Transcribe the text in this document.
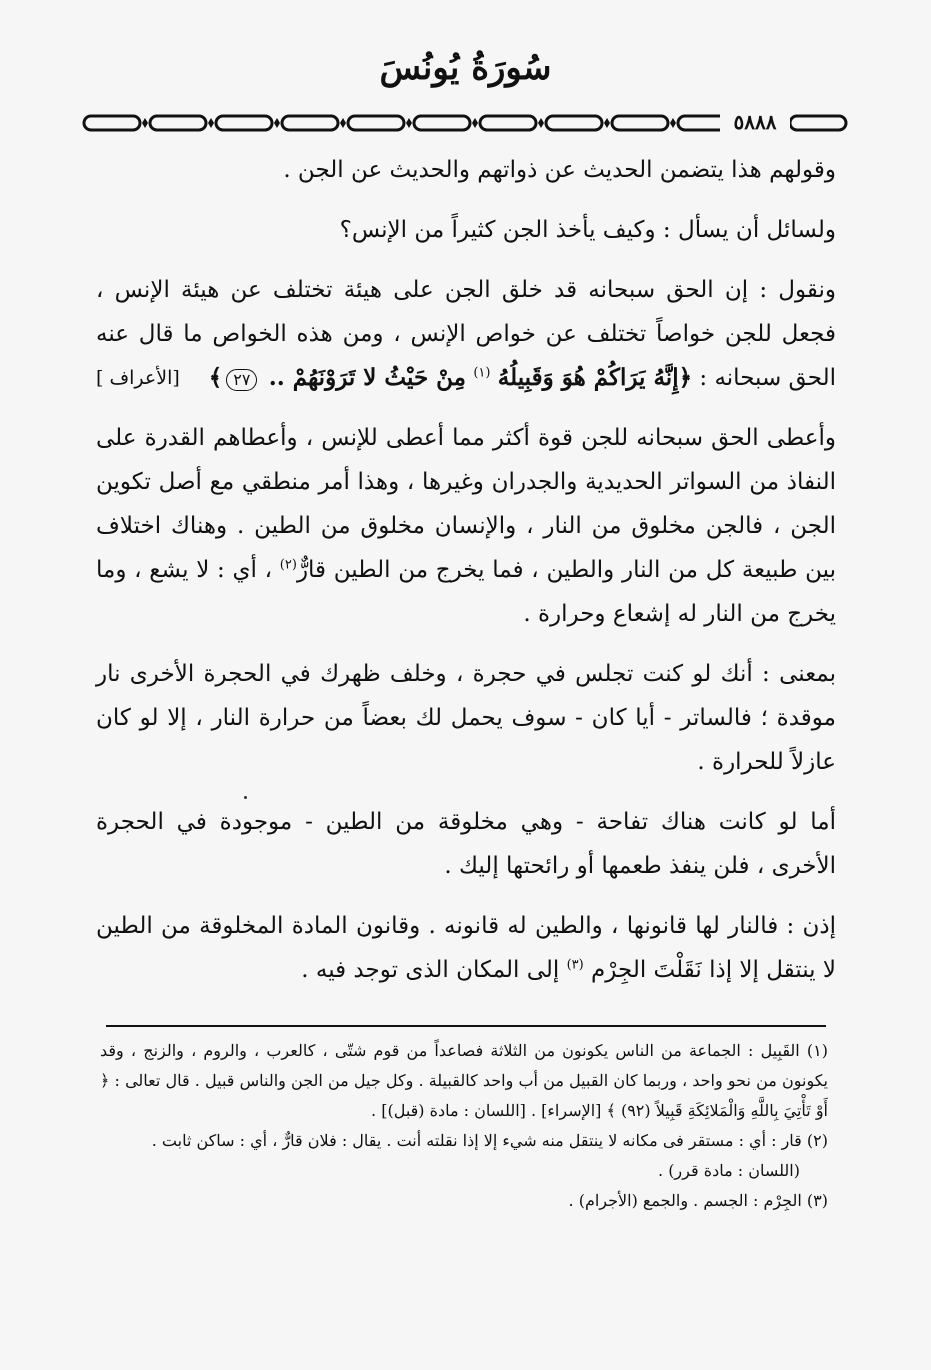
سُورَةُ يُونُسَ
٥٨٨٨

وقولهم هذا يتضمن الحديث عن ذواتهم والحديث عن الجن .

ولسائل أن يسأل : وكيف يأخذ الجن كثيراً من الإنس؟

ونقول : إن الحق سبحانه قد خلق الجن على هيئة تختلف عن هيئة الإنس ، فجعل للجن خواصاً تختلف عن خواص الإنس ، ومن هذه الخواص ما قال عنه الحق سبحانه : ﴿إِنَّهُ يَرَاكُمْ هُوَ وَقَبِيلُهُ $^{(١)}$ مِنْ حَيْثُ لا تَرَوْنَهُمْ .. ٢٧﴾
[الأعراف ]

وأعطى الحق سبحانه للجن قوة أكثر مما أعطى للإنس ، وأعطاهم القدرة على النفاذ من السواتر الحديدية والجدران وغيرها ، وهذا أمر منطقي مع أصل تكوين الجن ، فالجن مخلوق من النار ، والإنسان مخلوق من الطين . وهناك اختلاف بين طبيعة كل من النار والطين ، فما يخرج من الطين قارٌّ$^{(٢)}$ ، أي : لا يشع ، وما يخرج من النار له إشعاع وحرارة .

بمعنى : أنك لو كنت تجلس في حجرة ، وخلف ظهرك في الحجرة الأخرى نار موقدة ؛ فالساتر - أيا كان - سوف يحمل لك بعضاً من حرارة النار ، إلا لو كان عازلاً للحرارة .

أما لو كانت هناك تفاحة - وهي مخلوقة من الطين - موجودة في الحجرة الأخرى ، فلن ينفذ طعمها أو رائحتها إليك .

إذن : فالنار لها قانونها ، والطين له قانونه . وقانون المادة المخلوقة من الطين لا ينتقل إلا إذا نَقَلْتَ الجِرْم $^{(٣)}$ إلى المكان الذى توجد فيه .

(١) القَبِيل : الجماعة من الناس يكونون من الثلاثة فصاعداً من قوم شتّى ، كالعرب ، والروم ، والزنج ، وقد يكونون من نحو واحد ، وربما كان القبيل من أب واحد كالقبيلة . وكل جيل من الجن والناس قبيل . قال تعالى : ﴿ أَوْ تَأْتِيَ بِاللَّهِ وَالْمَلائِكَةِ قَبِيلاً (٩٢) ﴾ [الإسراء] . [اللسان : مادة (قبل)] .

(٢) قار : أي : مستقر فى مكانه لا ينتقل منه شيء إلا إذا نقلته أنت . يقال : فلان قارٌّ ، أي : ساكن ثابت .

(اللسان : مادة قرر) .

(٣) الجِرْم : الجسم . والجمع (الأجرام) .
